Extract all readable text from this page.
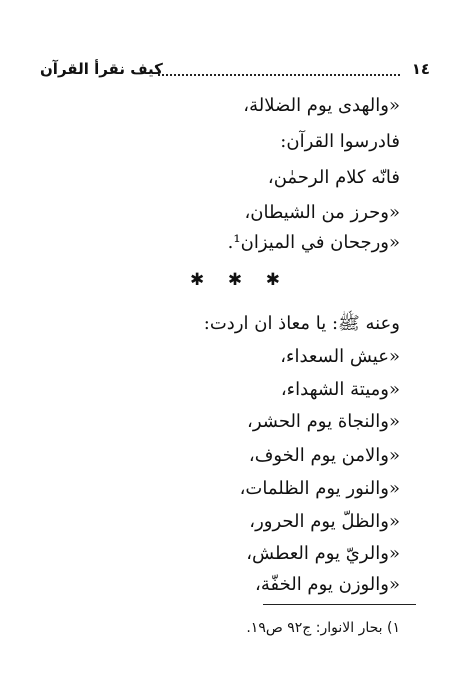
١٤
كيف نقرأ القرآن
«والهدى يوم الضلالة،
فادرسوا القرآن:
فانّه كلام الرحمٰن،
«وحرز من الشيطان،
«ورجحان في الميزان¹.
✱ ✱ ✱
وعنه ﷺ: يا معاذ ان اردت:
«عيش السعداء،
«وميتة الشهداء،
«والنجاة يوم الحشر،
«والامن يوم الخوف،
«والنور يوم الظلمات،
«والظلّ يوم الحرور،
«والريّ يوم العطش،
«والوزن يوم الخفّة،
١) بحار الانوار: ج٩٢ ص١٩.
